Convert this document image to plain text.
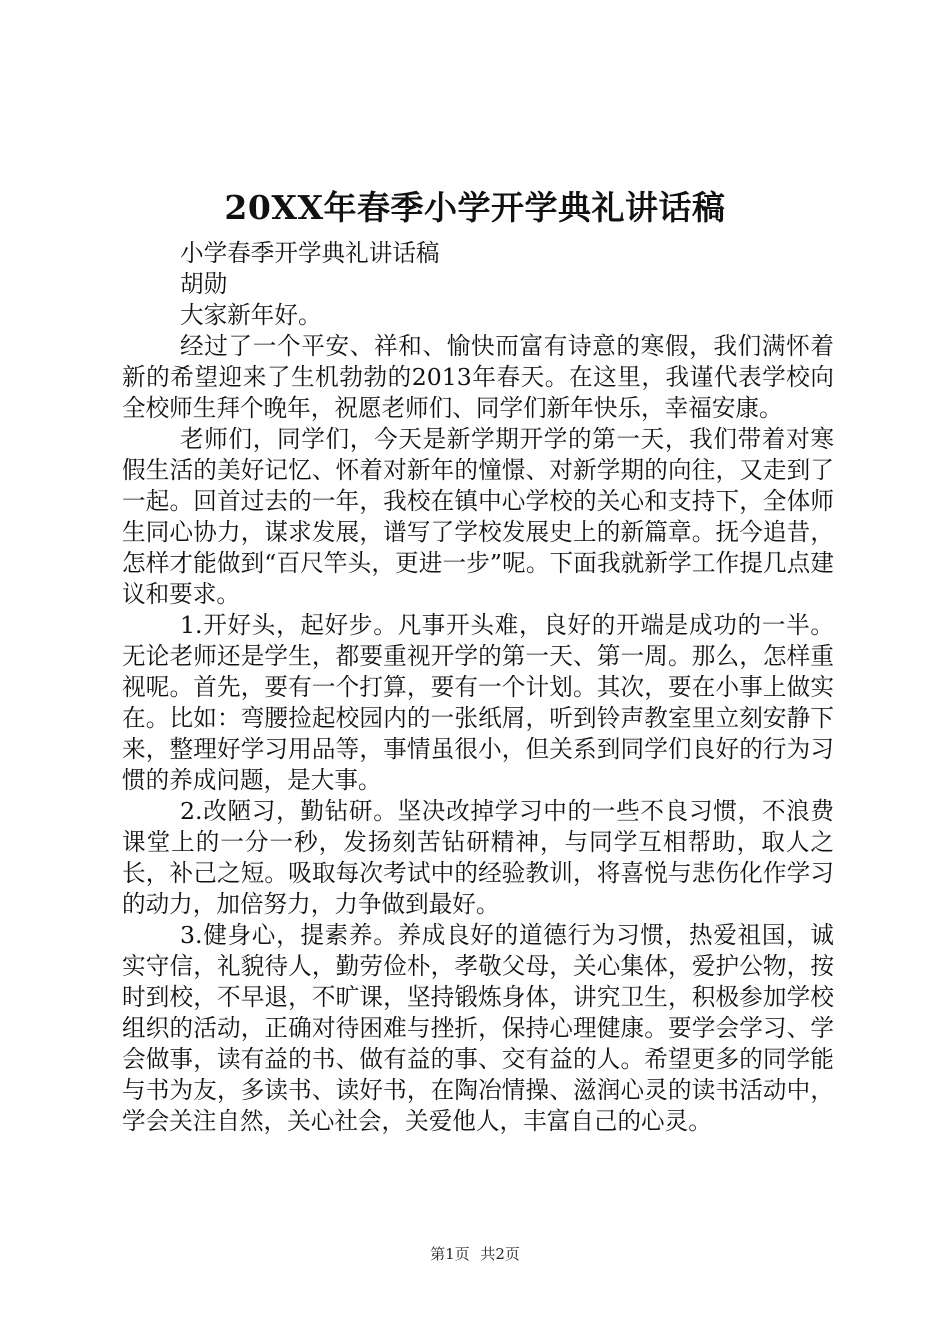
20XX年春季小学开学典礼讲话稿

小学春季开学典礼讲话稿

胡勋

大家新年好。

经过了一个平安、祥和、愉快而富有诗意的寒假，我们满怀着新的希望迎来了生机勃勃的2013年春天。在这里，我谨代表学校向全校师生拜个晚年，祝愿老师们、同学们新年快乐，幸福安康。

老师们，同学们，今天是新学期开学的第一天，我们带着对寒假生活的美好记忆、怀着对新年的憧憬、对新学期的向往，又走到了一起。回首过去的一年，我校在镇中心学校的关心和支持下，全体师生同心协力，谋求发展，谱写了学校发展史上的新篇章。抚今追昔，怎样才能做到“百尺竿头，更进一步”呢。下面我就新学工作提几点建议和要求。

1.开好头，起好步。凡事开头难，良好的开端是成功的一半。无论老师还是学生，都要重视开学的第一天、第一周。那么，怎样重视呢。首先，要有一个打算，要有一个计划。其次，要在小事上做实在。比如：弯腰捡起校园内的一张纸屑，听到铃声教室里立刻安静下来，整理好学习用品等，事情虽很小，但关系到同学们良好的行为习惯的养成问题，是大事。

2.改陋习，勤钻研。坚决改掉学习中的一些不良习惯，不浪费课堂上的一分一秒，发扬刻苦钻研精神，与同学互相帮助，取人之长，补己之短。吸取每次考试中的经验教训，将喜悦与悲伤化作学习的动力，加倍努力，力争做到最好。

3.健身心，提素养。养成良好的道德行为习惯，热爱祖国，诚实守信，礼貌待人，勤劳俭朴，孝敬父母，关心集体，爱护公物，按时到校，不早退，不旷课，坚持锻炼身体，讲究卫生，积极参加学校组织的活动，正确对待困难与挫折，保持心理健康。要学会学习、学会做事，读有益的书、做有益的事、交有益的人。希望更多的同学能与书为友，多读书、读好书，在陶冶情操、滋润心灵的读书活动中，学会关注自然，关心社会，关爱他人，丰富自己的心灵。

第1页 共2页
